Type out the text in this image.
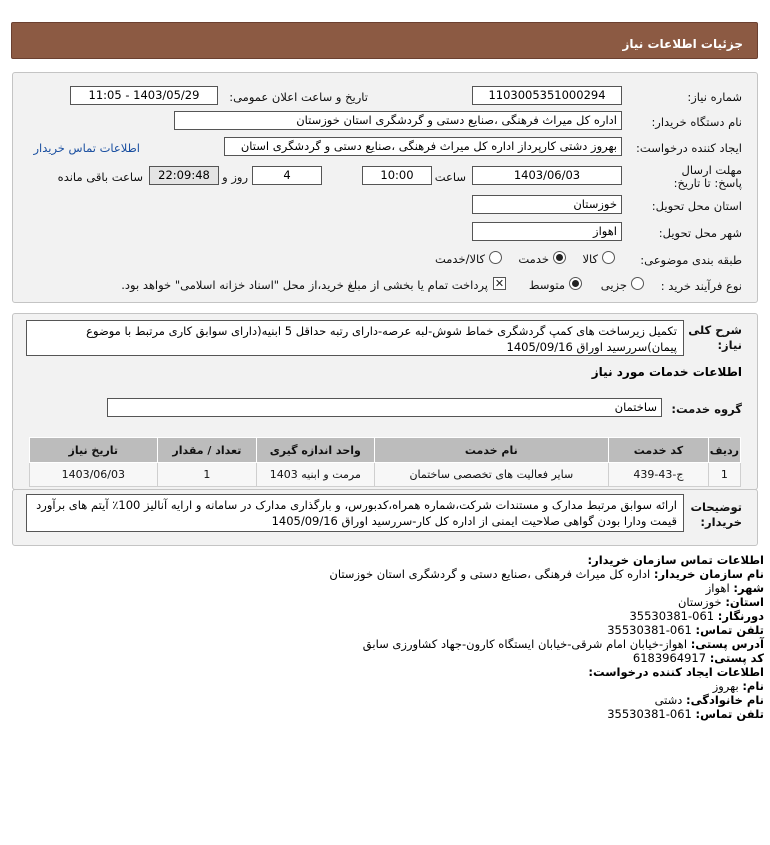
جزئیات اطلاعات نیاز
شماره نیاز:
1103005351000294
تاریخ و ساعت اعلان عمومی:
1403/05/29 - 11:05
نام دستگاه خریدار:
اداره کل میراث فرهنگی ،صنایع دستی و گردشگری استان خوزستان
ایجاد کننده درخواست:
بهروز دشتی کارپرداز اداره کل میراث فرهنگی ،صنایع دستی و گردشگری استان
اطلاعات تماس خریدار
مهلت ارسال پاسخ: تا تاریخ:
1403/06/03
ساعت
10:00
4
روز و
22:09:48
ساعت باقی مانده
استان محل تحویل:
خوزستان
شهر محل تحویل:
اهواز
طبقه بندی موضوعی:
کالا
خدمت
کالا/خدمت
نوع فرآیند خرید :
جزیی
متوسط
✕
پرداخت تمام یا بخشی از مبلغ خرید،از محل "اسناد خزانه اسلامی" خواهد بود.
شرح کلی نیاز:
تکمیل زیرساخت های کمپ گردشگری خماط شوش-لبه عرصه-دارای رتبه حداقل 5 ابنیه(دارای سوابق کاری مرتبط با موضوع پیمان)سررسید اوراق 1405/09/16
اطلاعات خدمات مورد نیاز
گروه خدمت:
ساختمان
ردیف	کد خدمت	نام خدمت	واحد اندازه گیری	تعداد / مقدار	تاریخ نیاز
1	ج-43-439	سایر فعالیت های تخصصی ساختمان	مرمت و ابنیه 1403	1	1403/06/03
توضیحات خریدار:
ارائه سوابق مرتبط مدارک و مستندات شرکت،شماره همراه،کدبورس، و بارگذاری مدارک در سامانه و ارایه آنالیز 100٪ آیتم های برآورد قیمت ودارا بودن گواهی صلاحیت ایمنی از اداره کل کار-سررسید اوراق 1405/09/16
اطلاعات تماس سازمان خریدار:
نام سازمان خریدار: اداره کل میراث فرهنگی ،صنایع دستی و گردشگری استان خوزستان
شهر: اهواز
استان: خوزستان
دورنگار: 061-35530381
تلفن تماس: 061-35530381
آدرس پستی: اهواز-خیابان امام شرقی-خیابان ایستگاه کارون-جهاد کشاورزی سابق
کد پستی: 6183964917
اطلاعات ایجاد کننده درخواست:
نام: بهروز
نام خانوادگی: دشتی
تلفن تماس: 061-35530381
